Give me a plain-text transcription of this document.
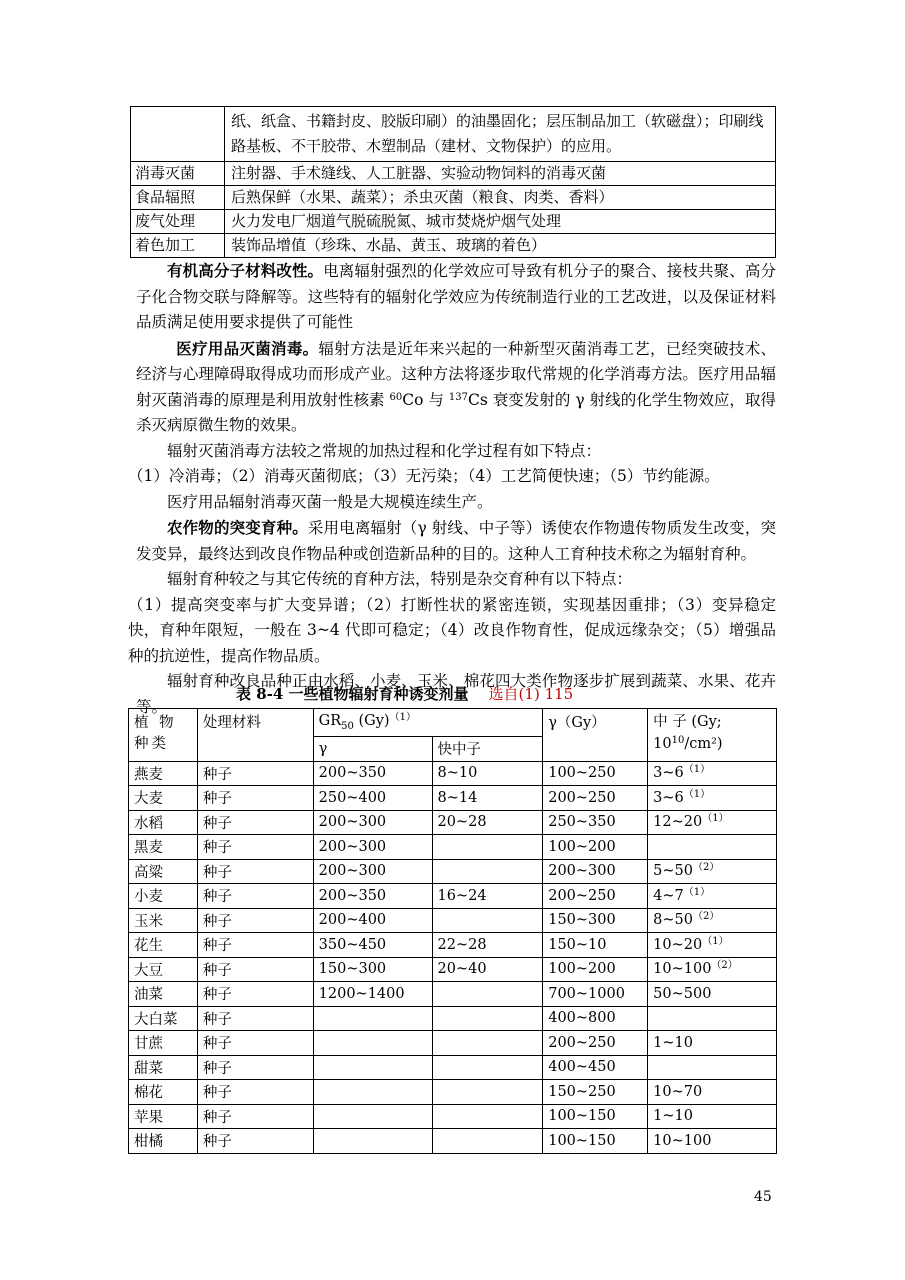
	纸、纸盒、书籍封皮、胶版印刷）的油墨固化；层压制品加工（软磁盘）；印刷线路基板、不干胶带、木塑制品（建材、文物保护）的应用。
消毒灭菌	注射器、手术缝线、人工脏器、实验动物饲料的消毒灭菌
食品辐照	后熟保鲜（水果、蔬菜）；杀虫灭菌（粮食、肉类、香料）
废气处理	火力发电厂烟道气脱硫脱氮、城市焚烧炉烟气处理
着色加工	装饰品增值（珍珠、水晶、黄玉、玻璃的着色）

有机高分子材料改性。电离辐射强烈的化学效应可导致有机分子的聚合、接枝共聚、高分子化合物交联与降解等。这些特有的辐射化学效应为传统制造行业的工艺改进，以及保证材料品质满足使用要求提供了可能性

医疗用品灭菌消毒。辐射方法是近年来兴起的一种新型灭菌消毒工艺，已经突破技术、经济与心理障碍取得成功而形成产业。这种方法将逐步取代常规的化学消毒方法。医疗用品辐射灭菌消毒的原理是利用放射性核素 $^{60}$Co 与 $^{137}$Cs 衰变发射的 γ 射线的化学生物效应，取得杀灭病原微生物的效果。

辐射灭菌消毒方法较之常规的加热过程和化学过程有如下特点：

（1）冷消毒；（2）消毒灭菌彻底；（3）无污染；（4）工艺简便快速；（5）节约能源。

医疗用品辐射消毒灭菌一般是大规模连续生产。

农作物的突变育种。采用电离辐射（γ 射线、中子等）诱使农作物遗传物质发生改变，突发变异，最终达到改良作物品种或创造新品种的目的。这种人工育种技术称之为辐射育种。

辐射育种较之与其它传统的育种方法，特别是杂交育种有以下特点：

（1）提高突变率与扩大变异谱；（2）打断性状的紧密连锁，实现基因重排；（3）变异稳定快，育种年限短，一般在 3~4 代即可稳定；（4）改良作物育性，促成远缘杂交；（5）增强品种的抗逆性，提高作物品质。

辐射育种改良品种正由水稻、小麦、玉米、棉花四大类作物逐步扩展到蔬菜、水果、花卉等。

表 8-4 一些植物辐射育种诱变剂量 选自(1) 115
植 物 种类	处理材料	$GR_{50}$ $(Gy)^{(1)}$		γ（Gy）	中 子 (Gy;
$10^{10}/cm^2$)
		γ	快中子		
燕麦	种子	200~350	8~10	100~250	$3\sim 6^{(1)}$
大麦	种子	250~400	8~14	200~250	$3\sim 6^{(1)}$
水稻	种子	200~300	20~28	250~350	$12\sim 20^{(1)}$
黑麦	种子	200~300		100~200	
高粱	种子	200~300		200~300	$5\sim 50^{(2)}$
小麦	种子	200~350	16~24	200~250	$4\sim 7^{(1)}$
玉米	种子	200~400		150~300	$8\sim 50^{(2)}$
花生	种子	350~450	22~28	150~10	$10\sim 20^{(1)}$
大豆	种子	150~300	20~40	100~200	$10\sim 100^{(2)}$
油菜	种子	1200~1400		700~1000	50~500
大白菜	种子			400~800	
甘蔗	种子			200~250	1~10
甜菜	种子			400~450	
棉花	种子			150~250	10~70
苹果	种子			100~150	1~10
柑橘	种子			100~150	10~100
45
